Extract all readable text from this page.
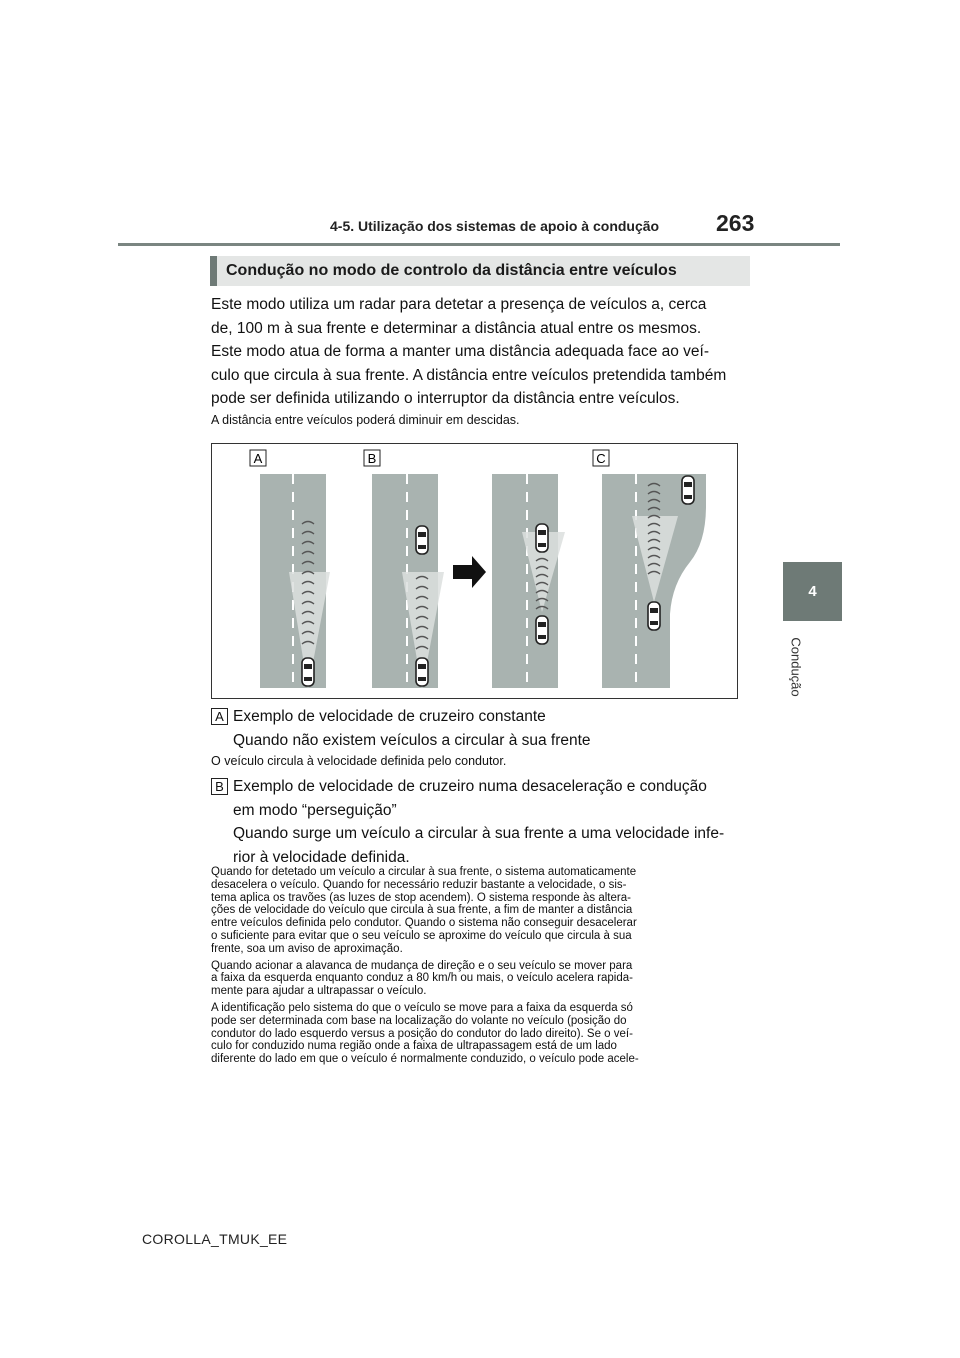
4-5. Utilização dos sistemas de apoio à condução 263
4
Condução
Condução no modo de controlo da distância entre veículos
Este modo utiliza um radar para detetar a presença de veículos a, cerca
de, 100 m à sua frente e determinar a distância atual entre os mesmos.
Este modo atua de forma a manter uma distância adequada face ao veí-
culo que circula à sua frente. A distância entre veículos pretendida também
pode ser definida utilizando o interruptor da distância entre veículos.
A distância entre veículos poderá diminuir em descidas.
A	B	C
A Exemplo de velocidade de cruzeiro constante
Quando não existem veículos a circular à sua frente
O veículo circula à velocidade definida pelo condutor.
B Exemplo de velocidade de cruzeiro numa desaceleração e condução
em modo “perseguição”
Quando surge um veículo a circular à sua frente a uma velocidade infe-
rior à velocidade definida.
Quando for detetado um veículo a circular à sua frente, o sistema automaticamente
desacelera o veículo. Quando for necessário reduzir bastante a velocidade, o sis-
tema aplica os travões (as luzes de stop acendem). O sistema responde às altera-
ções de velocidade do veículo que circula à sua frente, a fim de manter a distância
entre veículos definida pelo condutor. Quando o sistema não conseguir desacelerar
o suficiente para evitar que o seu veículo se aproxime do veículo que circula à sua
frente, soa um aviso de aproximação.
Quando acionar a alavanca de mudança de direção e o seu veículo se mover para
a faixa da esquerda enquanto conduz a 80 km/h ou mais, o veículo acelera rapida-
mente para ajudar a ultrapassar o veículo.
A identificação pelo sistema do que o veículo se move para a faixa da esquerda só
pode ser determinada com base na localização do volante no veículo (posição do
condutor do lado esquerdo versus a posição do condutor do lado direito). Se o veí-
culo for conduzido numa região onde a faixa de ultrapassagem está de um lado
diferente do lado em que o veículo é normalmente conduzido, o veículo pode acele-
COROLLA_TMUK_EE
